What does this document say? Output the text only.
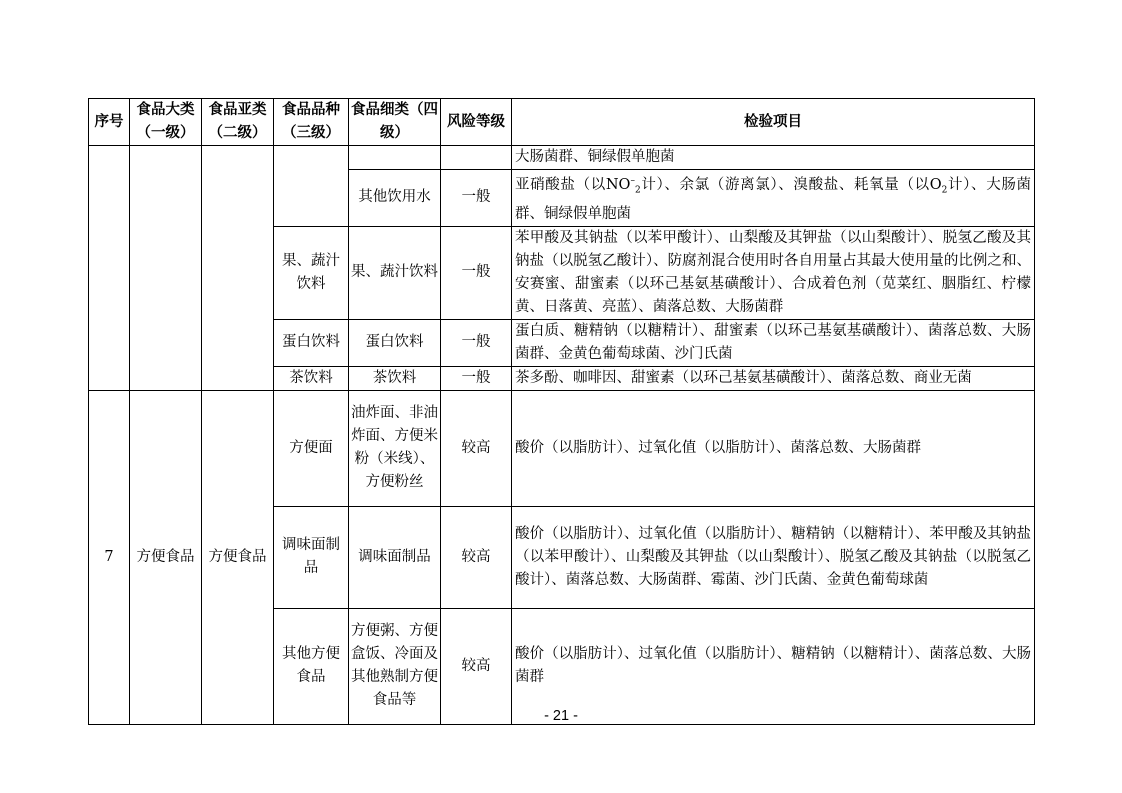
序号	食品大类（一级）	食品亚类（二级）	食品品种（三级）	食品细类（四级）	风险等级	检验项目
						大肠菌群、铜绿假单胞菌
				其他饮用水	一般	亚硝酸盐（以$NO^-_2$计）、余氯（游离氯）、溴酸盐、耗氧量（以$O_2$计）、大肠菌群、铜绿假单胞菌
			果、蔬汁饮料	果、蔬汁饮料	一般	苯甲酸及其钠盐（以苯甲酸计）、山梨酸及其钾盐（以山梨酸计）、脱氢乙酸及其钠盐（以脱氢乙酸计）、防腐剂混合使用时各自用量占其最大使用量的比例之和、安赛蜜、甜蜜素（以环己基氨基磺酸计）、合成着色剂（苋菜红、胭脂红、柠檬黄、日落黄、亮蓝）、菌落总数、大肠菌群
			蛋白饮料	蛋白饮料	一般	蛋白质、糖精钠（以糖精计）、甜蜜素（以环己基氨基磺酸计）、菌落总数、大肠菌群、金黄色葡萄球菌、沙门氏菌
			茶饮料	茶饮料	一般	茶多酚、咖啡因、甜蜜素（以环己基氨基磺酸计）、菌落总数、商业无菌
7	方便食品	方便食品	方便面	油炸面、非油炸面、方便米粉（米线）、方便粉丝	较高	酸价（以脂肪计）、过氧化值（以脂肪计）、菌落总数、大肠菌群
			调味面制品	调味面制品	较高	酸价（以脂肪计）、过氧化值（以脂肪计）、糖精钠（以糖精计）、苯甲酸及其钠盐（以苯甲酸计）、山梨酸及其钾盐（以山梨酸计）、脱氢乙酸及其钠盐（以脱氢乙酸计）、菌落总数、大肠菌群、霉菌、沙门氏菌、金黄色葡萄球菌
			其他方便食品	方便粥、方便盒饭、冷面及其他熟制方便食品等	较高	酸价（以脂肪计）、过氧化值（以脂肪计）、糖精钠（以糖精计）、菌落总数、大肠菌群
- 21 -
